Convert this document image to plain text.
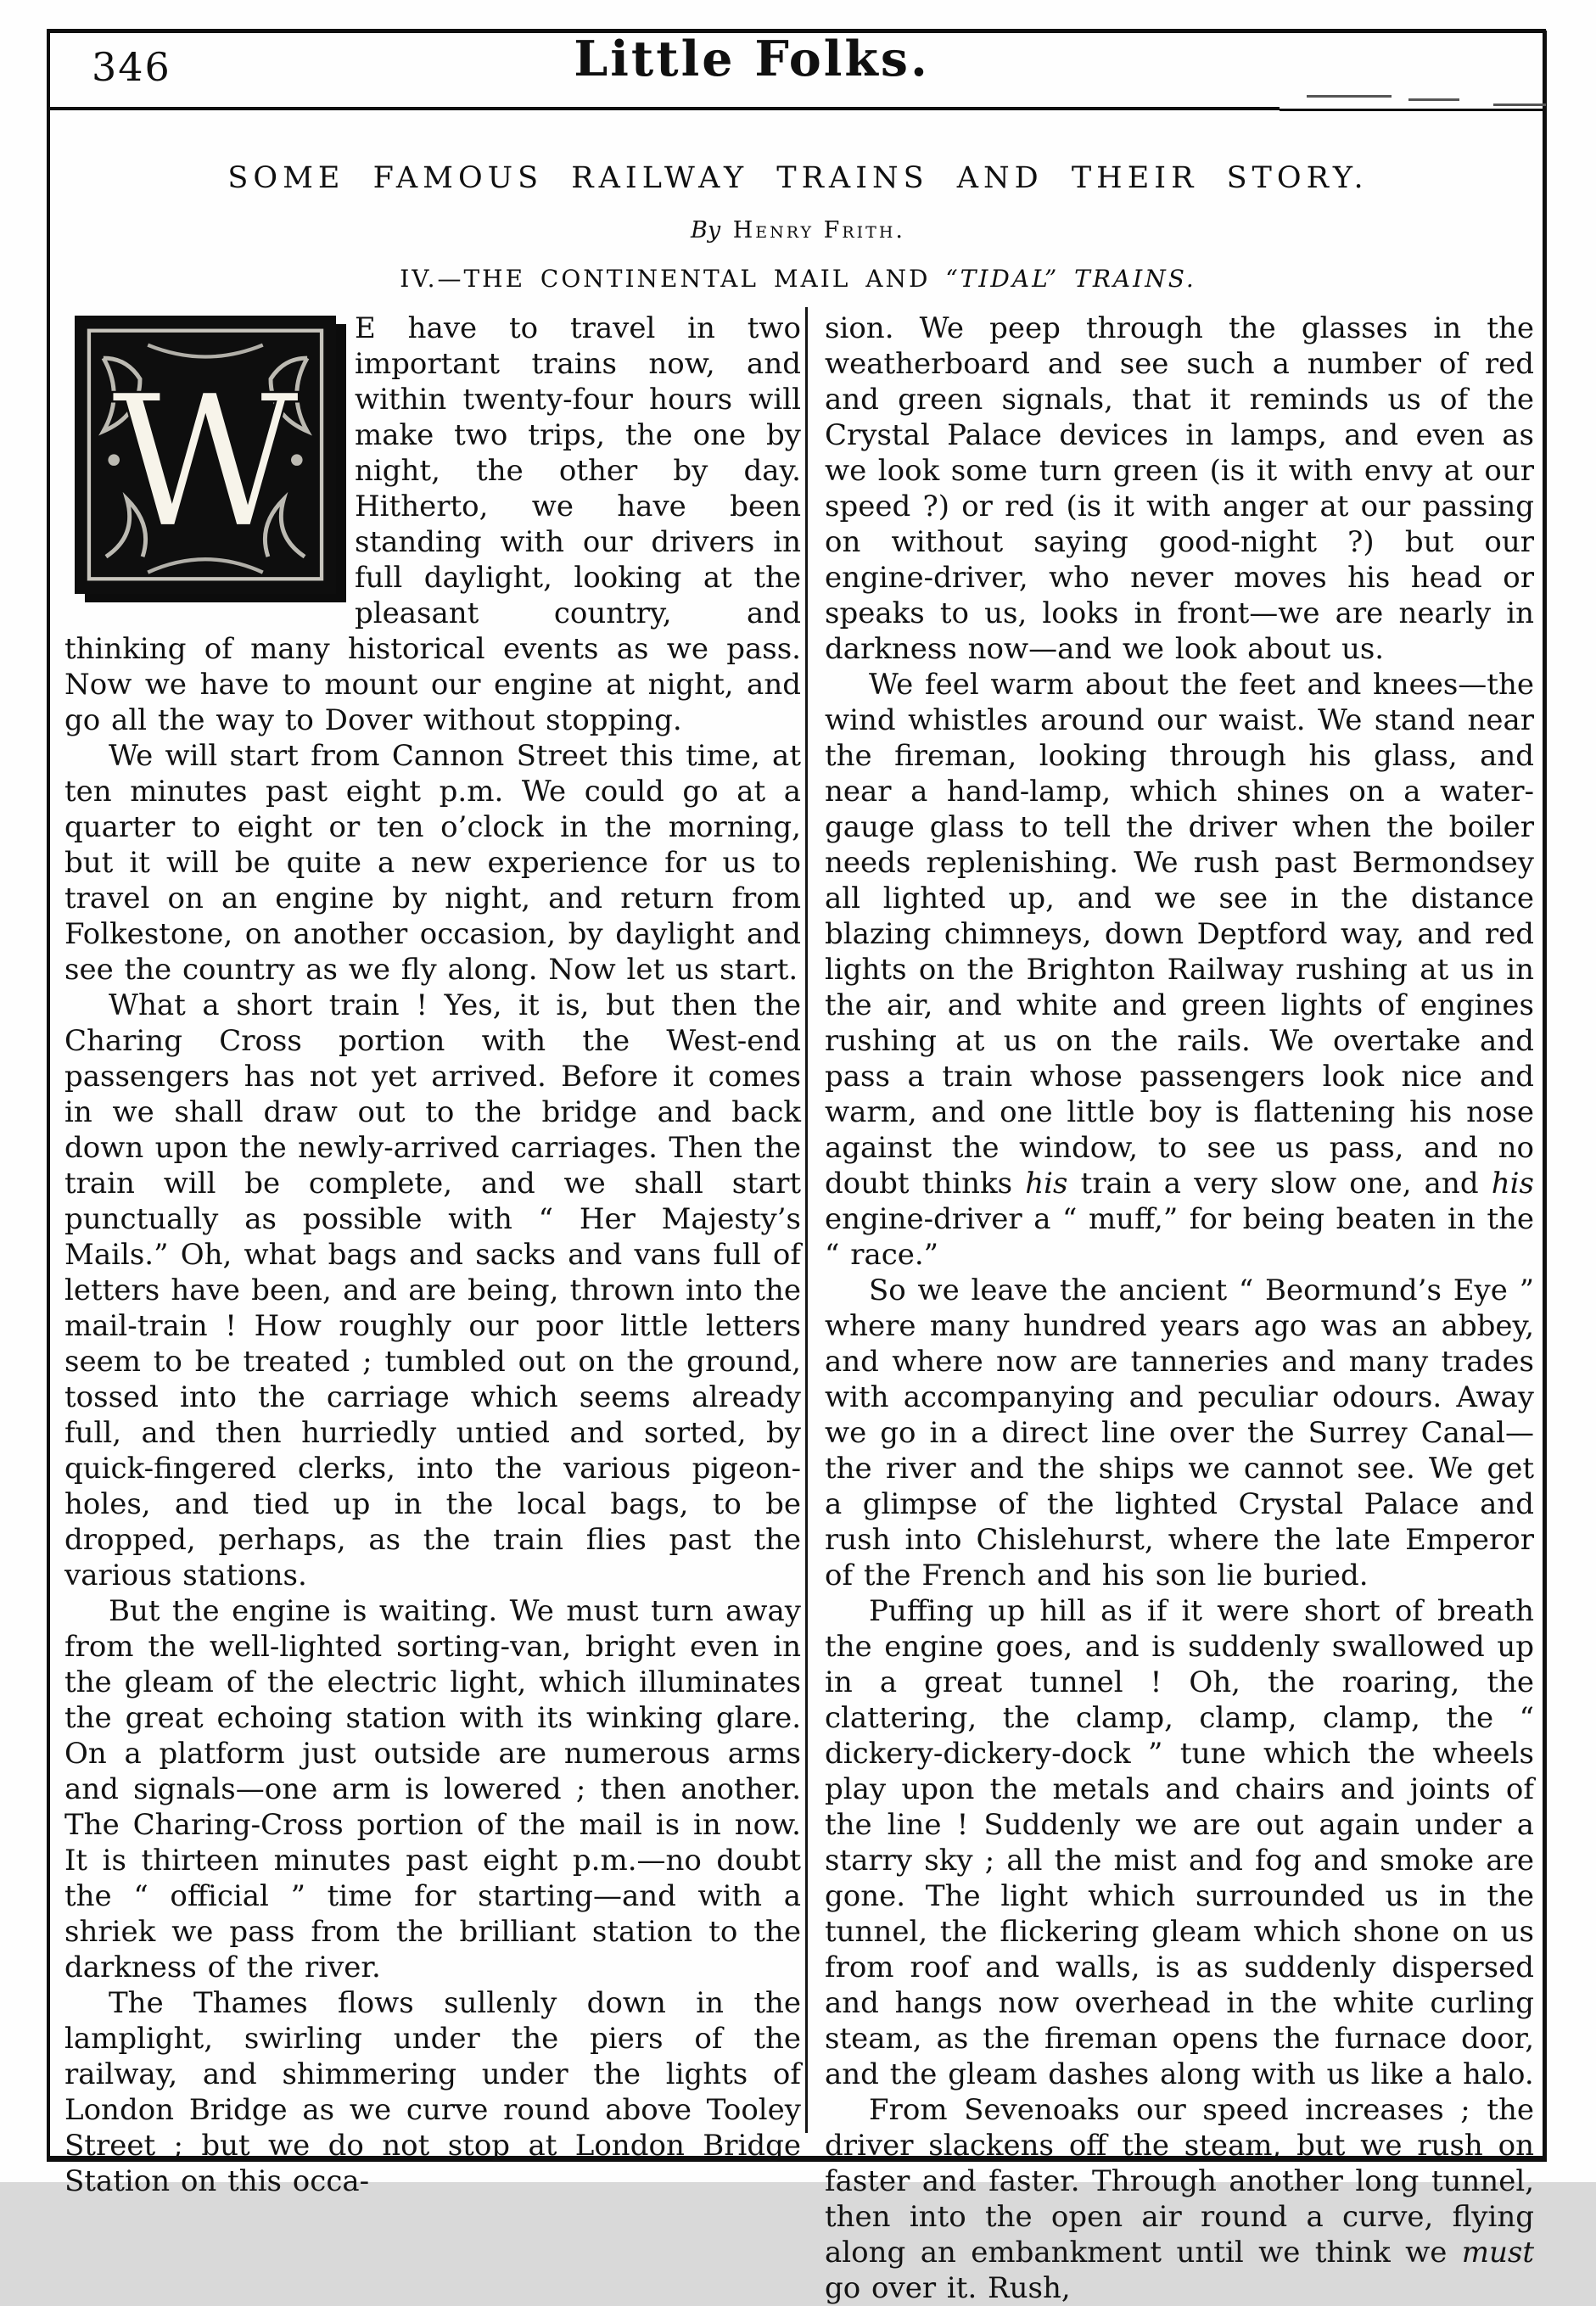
346	Little Folks.
SOME FAMOUS RAILWAY TRAINS AND THEIR STORY.
By Henry Frith.
IV.—THE CONTINENTAL MAIL AND “TIDAL” TRAINS.
W

E have to travel in two important trains now, and within twenty-four hours will make two trips, the one by night, the other by day. Hitherto, we have been standing with our drivers in full daylight, looking at the pleasant country, and thinking of many historical events as we pass. Now we have to mount our engine at night, and go all the way to Dover without stopping.

We will start from Cannon Street this time, at ten minutes past eight p.m. We could go at a quarter to eight or ten o’clock in the morning, but it will be quite a new experience for us to travel on an engine by night, and return from Folkestone, on another occasion, by daylight and see the country as we fly along. Now let us start.

What a short train ! Yes, it is, but then the Charing Cross portion with the West-end passengers has not yet arrived. Before it comes in we shall draw out to the bridge and back down upon the newly-arrived carriages. Then the train will be complete, and we shall start punctually as possible with “ Her Majesty’s Mails.” Oh, what bags and sacks and vans full of letters have been, and are being, thrown into the mail-train ! How roughly our poor little letters seem to be treated ; tumbled out on the ground, tossed into the carriage which seems already full, and then hurriedly untied and sorted, by quick-fingered clerks, into the various pigeon-holes, and tied up in the local bags, to be dropped, perhaps, as the train flies past the various stations.

But the engine is waiting. We must turn away from the well-lighted sorting-van, bright even in the gleam of the electric light, which illuminates the great echoing station with its winking glare. On a platform just outside are numerous arms and signals—one arm is lowered ; then another. The Charing-Cross portion of the mail is in now. It is thirteen minutes past eight p.m.—no doubt the “ official ” time for starting—and with a shriek we pass from the brilliant station to the darkness of the river.

The Thames flows sullenly down in the lamplight, swirling under the piers of the railway, and shimmering under the lights of London Bridge as we curve round above Tooley Street ; but we do not stop at London Bridge Station on this occa-

sion. We peep through the glasses in the weatherboard and see such a number of red and green signals, that it reminds us of the Crystal Palace devices in lamps, and even as we look some turn green (is it with envy at our speed ?) or red (is it with anger at our passing on without saying good-night ?) but our engine-driver, who never moves his head or speaks to us, looks in front—we are nearly in darkness now—and we look about us.

We feel warm about the feet and knees—the wind whistles around our waist. We stand near the fireman, looking through his glass, and near a hand-lamp, which shines on a water-gauge glass to tell the driver when the boiler needs replenishing. We rush past Bermondsey all lighted up, and we see in the distance blazing chimneys, down Deptford way, and red lights on the Brighton Railway rushing at us in the air, and white and green lights of engines rushing at us on the rails. We overtake and pass a train whose passengers look nice and warm, and one little boy is flattening his nose against the window, to see us pass, and no doubt thinks his train a very slow one, and his engine-driver a “ muff,” for being beaten in the “ race.”

So we leave the ancient “ Beormund’s Eye ” where many hundred years ago was an abbey, and where now are tanneries and many trades with accompanying and peculiar odours. Away we go in a direct line over the Surrey Canal—the river and the ships we cannot see. We get a glimpse of the lighted Crystal Palace and rush into Chislehurst, where the late Emperor of the French and his son lie buried.

Puffing up hill as if it were short of breath the engine goes, and is suddenly swallowed up in a great tunnel ! Oh, the roaring, the clattering, the clamp, clamp, clamp, the “ dickery-dickery-dock ” tune which the wheels play upon the metals and chairs and joints of the line ! Suddenly we are out again under a starry sky ; all the mist and fog and smoke are gone. The light which surrounded us in the tunnel, the flickering gleam which shone on us from roof and walls, is as suddenly dispersed and hangs now overhead in the white curling steam, as the fireman opens the furnace door, and the gleam dashes along with us like a halo.

From Sevenoaks our speed increases ; the driver slackens off the steam, but we rush on faster and faster. Through another long tunnel, then into the open air round a curve, flying along an embankment until we think we must go over it. Rush,
